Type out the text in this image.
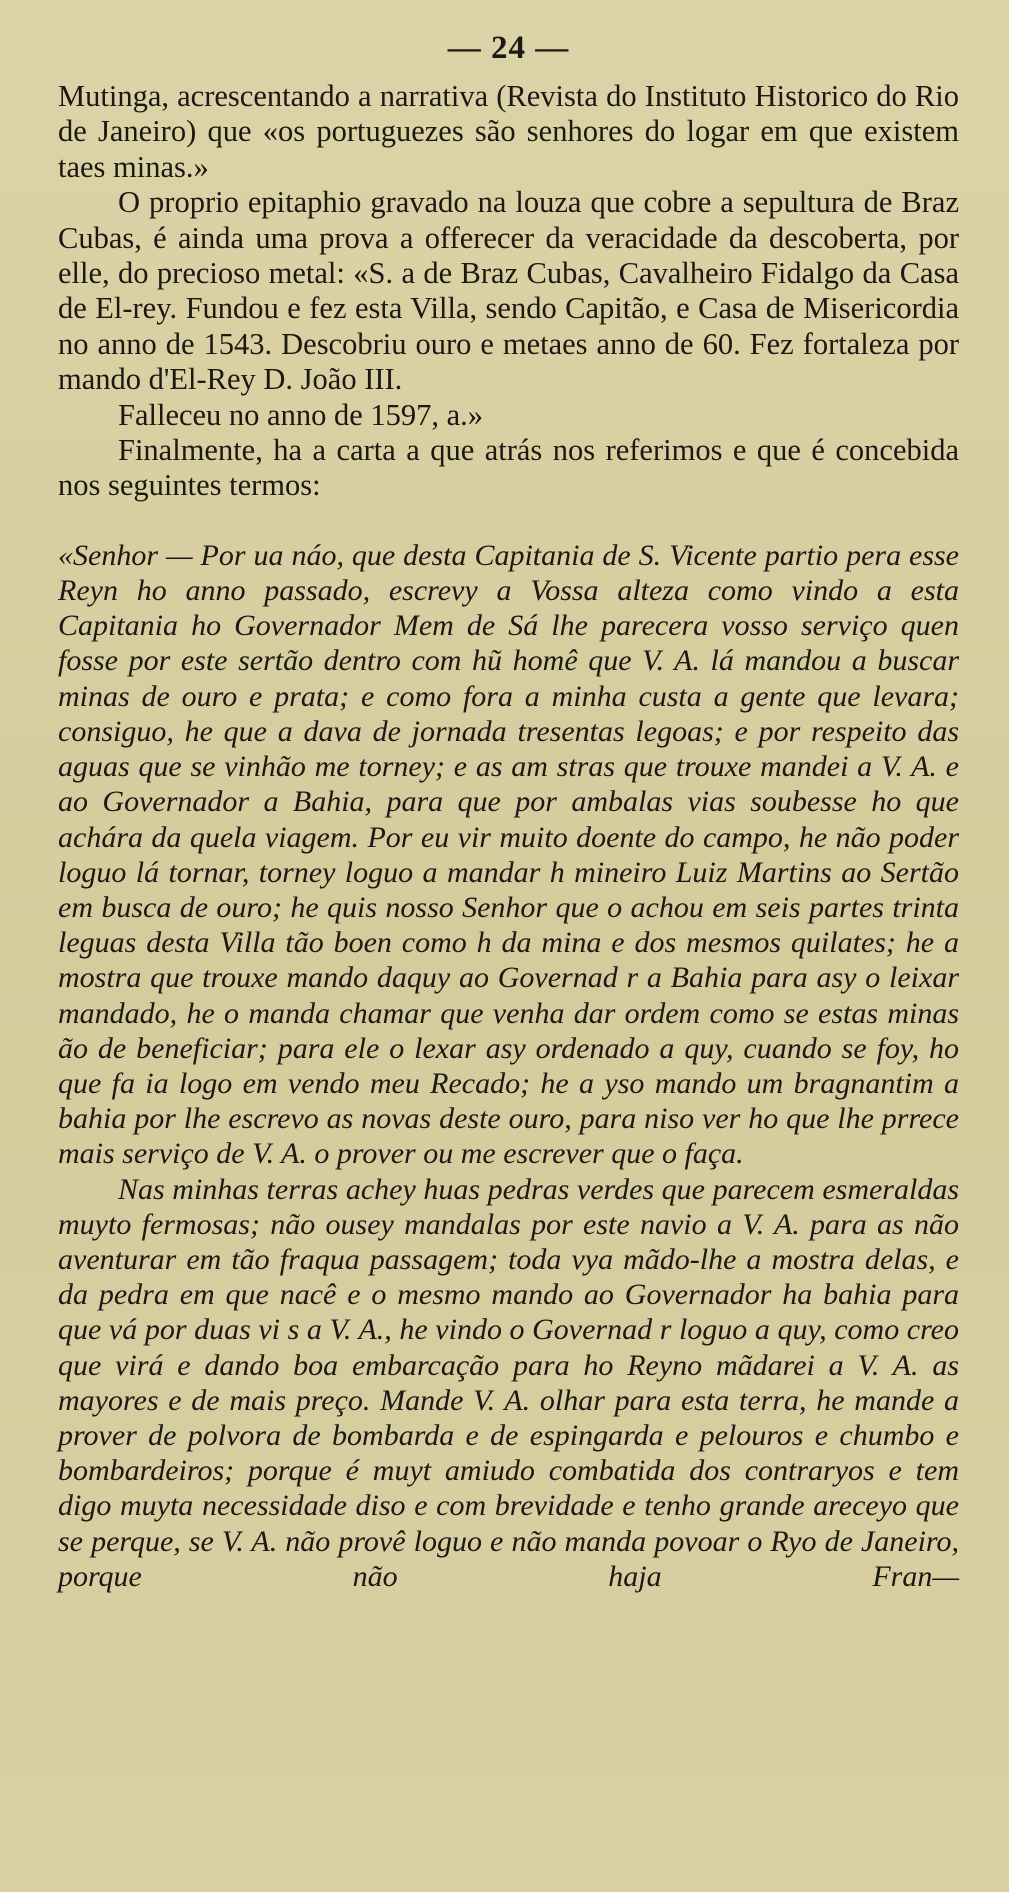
— 24 —

Mutinga, acrescentando a narrativa (Revista do Instituto Historico do Rio de Janeiro) que «os portuguezes são senhores do logar em que existem taes minas.»

O proprio epitaphio gravado na louza que cobre a sepultura de Braz Cubas, é ainda uma prova a offerecer da veracidade da descoberta, por elle, do precioso metal: «S. a de Braz Cubas, Cavalheiro Fidalgo da Casa de El-rey. Fundou e fez esta Villa, sendo Capitão, e Casa de Misericordia no anno de 1543. Descobriu ouro e metaes anno de 60. Fez fortaleza por mando d'El-Rey D. João III.

Falleceu no anno de 1597, a.»

Finalmente, ha a carta a que atrás nos referimos e que é concebida nos seguintes termos:

«Senhor — Por ua náo, que desta Capitania de S. Vicente partio pera esse Reyn ho anno passado, escrevy a Vossa alteza como vindo a esta Capitania ho Governador Mem de Sá lhe parecera vosso serviço quen fosse por este sertão dentro com hũ homê que V. A. lá mandou a buscar minas de ouro e prata; e como fora a minha custa a gente que levara; consiguo, he que a dava de jornada tresentas legoas; e por respeito das aguas que se vinhão me torney; e as am stras que trouxe mandei a V. A. e ao Governador a Bahia, para que por ambalas vias soubesse ho que achára da quela viagem. Por eu vir muito doente do campo, he não poder loguo lá tornar, torney loguo a mandar h mineiro Luiz Martins ao Sertão em busca de ouro; he quis nosso Senhor que o achou em seis partes trinta leguas desta Villa tão boen como h da mina e dos mesmos quilates; he a mostra que trouxe mando daquy ao Governad r a Bahia para asy o leixar mandado, he o manda chamar que venha dar ordem como se estas minas ão de beneficiar; para ele o lexar asy ordenado a quy, cuando se foy, ho que fa ia logo em vendo meu Recado; he a yso mando um bragnantim a bahia por lhe escrevo as novas deste ouro, para niso ver ho que lhe prrece mais serviço de V. A. o prover ou me escrever que o faça.

Nas minhas terras achey huas pedras verdes que parecem esmeraldas muyto fermosas; não ousey mandalas por este navio a V. A. para as não aventurar em tão fraqua passagem; toda vya mãdo-lhe a mostra delas, e da pedra em que nacê e o mesmo mando ao Governador ha bahia para que vá por duas vi s a V. A., he vindo o Governad r loguo a quy, como creo que virá e dando boa embarcação para ho Reyno mãdarei a V. A. as mayores e de mais preço. Mande V. A. olhar para esta terra, he mande a prover de polvora de bombarda e de espingarda e pelouros e chumbo e bombardeiros; porque é muyt amiudo combatida dos contraryos e tem digo muyta necessidade diso e com brevidade e tenho grande areceyo que se perque, se V. A. não provê loguo e não manda povoar o Ryo de Janeiro, porque não haja Fran—
